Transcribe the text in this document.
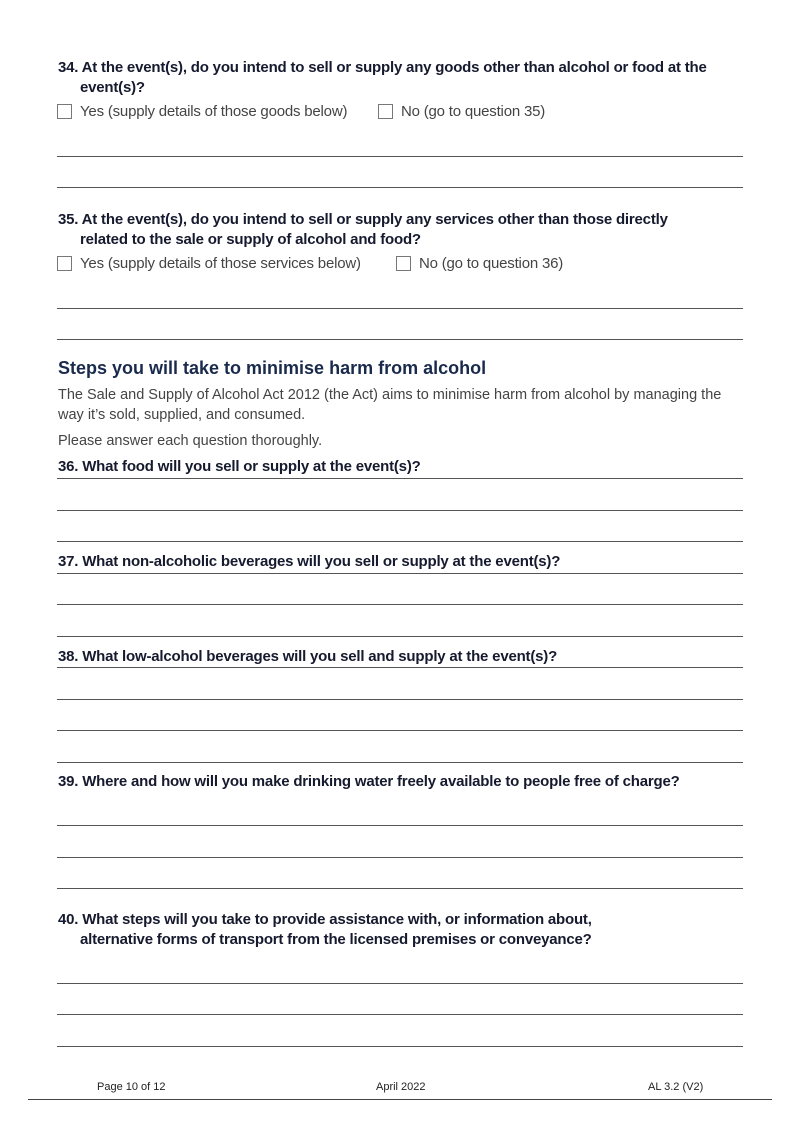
34. At the event(s), do you intend to sell or supply any goods other than alcohol or food at the
event(s)?
Yes (supply details of those goods below)	No (go to question 35)
35. At the event(s), do you intend to sell or supply any services other than those directly
related to the sale or supply of alcohol and food?
Yes (supply details of those services below)	No (go to question 36)
Steps you will take to minimise harm from alcohol
The Sale and Supply of Alcohol Act 2012 (the Act) aims to minimise harm from alcohol by managing the
way it’s sold, supplied, and consumed.
Please answer each question thoroughly.
36. What food will you sell or supply at the event(s)?
37. What non-alcoholic beverages will you sell or supply at the event(s)?
38. What low-alcohol beverages will you sell and supply at the event(s)?
39. Where and how will you make drinking water freely available to people free of charge?
40. What steps will you take to provide assistance with, or information about,
alternative forms of transport from the licensed premises or conveyance?
Page 10 of 12	April 2022	AL 3.2 (V2)
